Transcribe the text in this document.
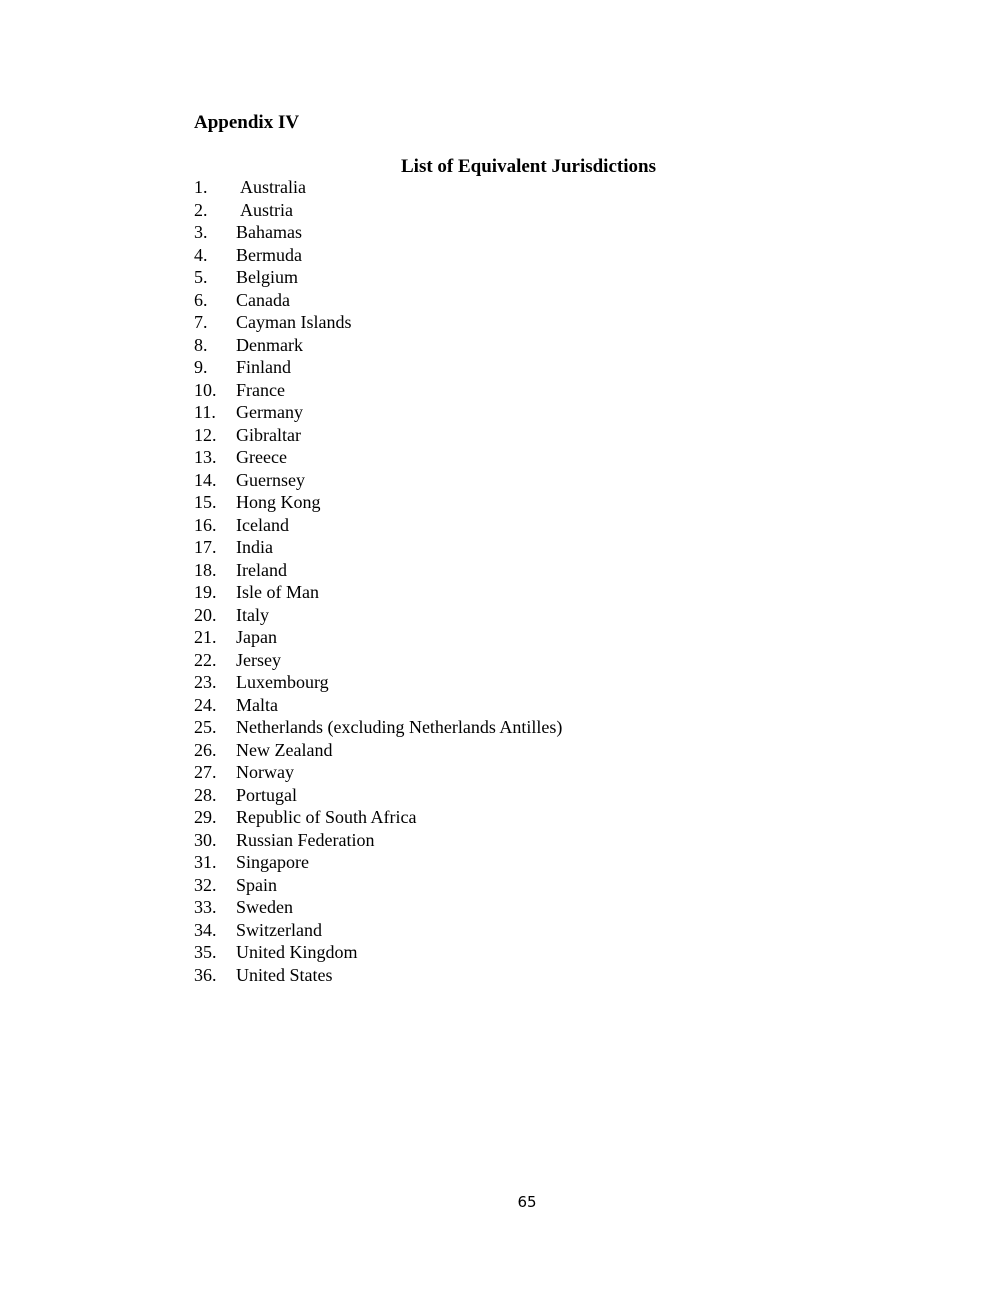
Appendix IV
List of Equivalent Jurisdictions
1. Australia
2. Austria
3. Bahamas
4. Bermuda
5. Belgium
6. Canada
7. Cayman Islands
8. Denmark
9. Finland
10. France
11. Germany
12. Gibraltar
13. Greece
14. Guernsey
15. Hong Kong
16. Iceland
17. India
18. Ireland
19. Isle of Man
20. Italy
21. Japan
22. Jersey
23. Luxembourg
24. Malta
25. Netherlands (excluding Netherlands Antilles)
26. New Zealand
27. Norway
28. Portugal
29. Republic of South Africa
30. Russian Federation
31. Singapore
32. Spain
33. Sweden
34. Switzerland
35. United Kingdom
36. United States
65
